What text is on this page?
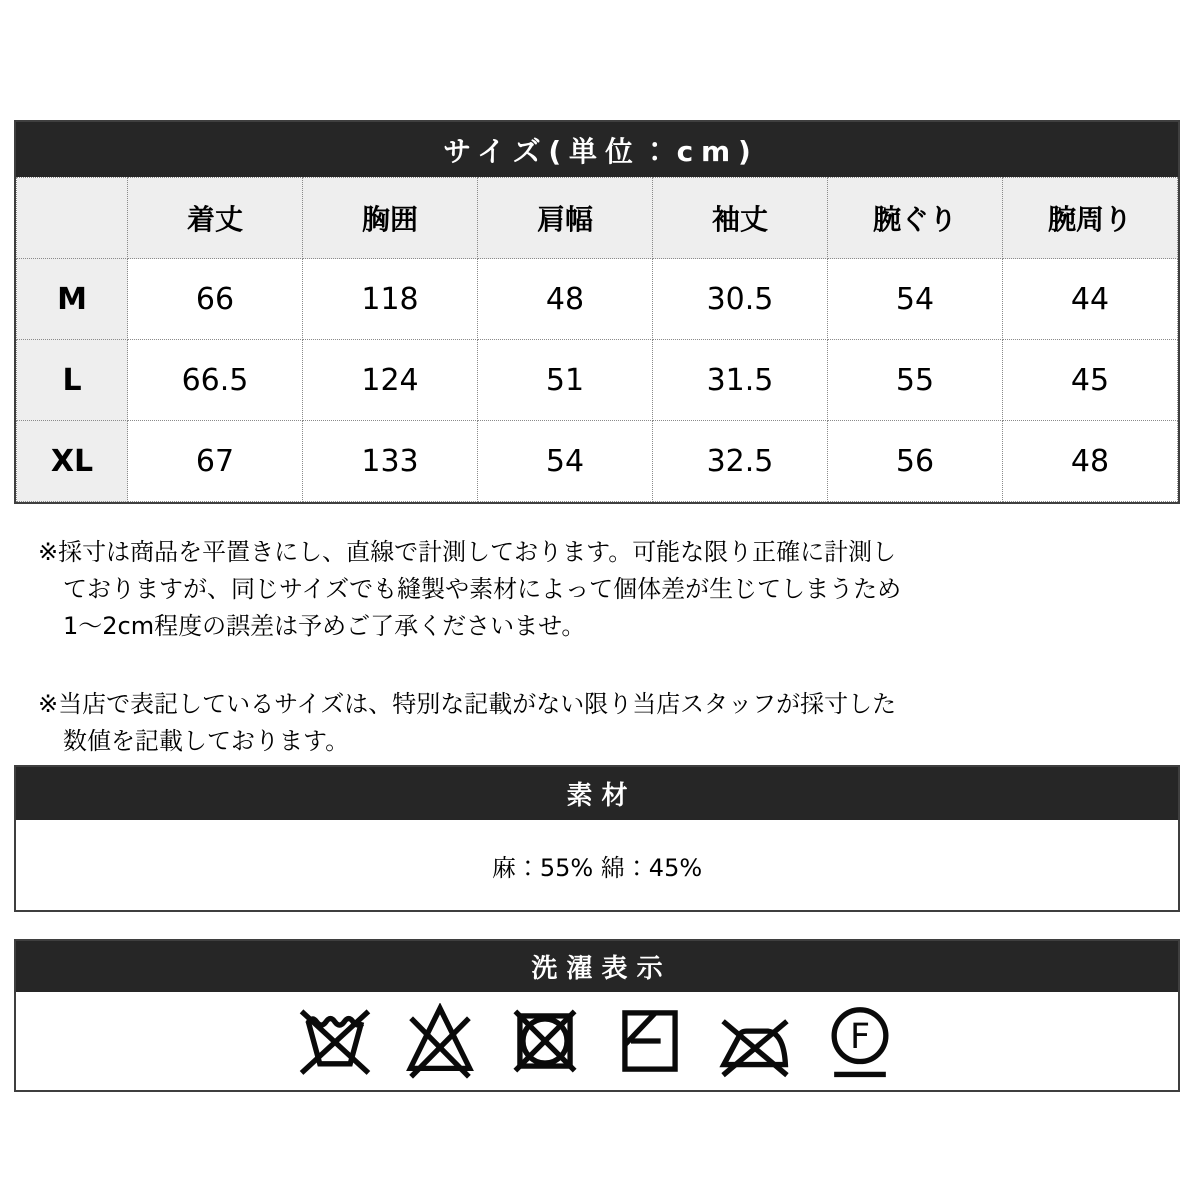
サイズ(単位：cm)
	着丈	胸囲	肩幅	袖丈	腕ぐり	腕周り
M	66	118	48	30.5	54	44
L	66.5	124	51	31.5	55	45
XL	67	133	54	32.5	56	48
※採寸は商品を平置きにし、直線で計測しております。可能な限り正確に計測し
ておりますが、同じサイズでも縫製や素材によって個体差が生じてしまうため
1〜2cm程度の誤差は予めご了承くださいませ。
※当店で表記しているサイズは、特別な記載がない限り当店スタッフが採寸した
数値を記載しております。
素材
麻：55% 綿：45%
洗濯表示
F
